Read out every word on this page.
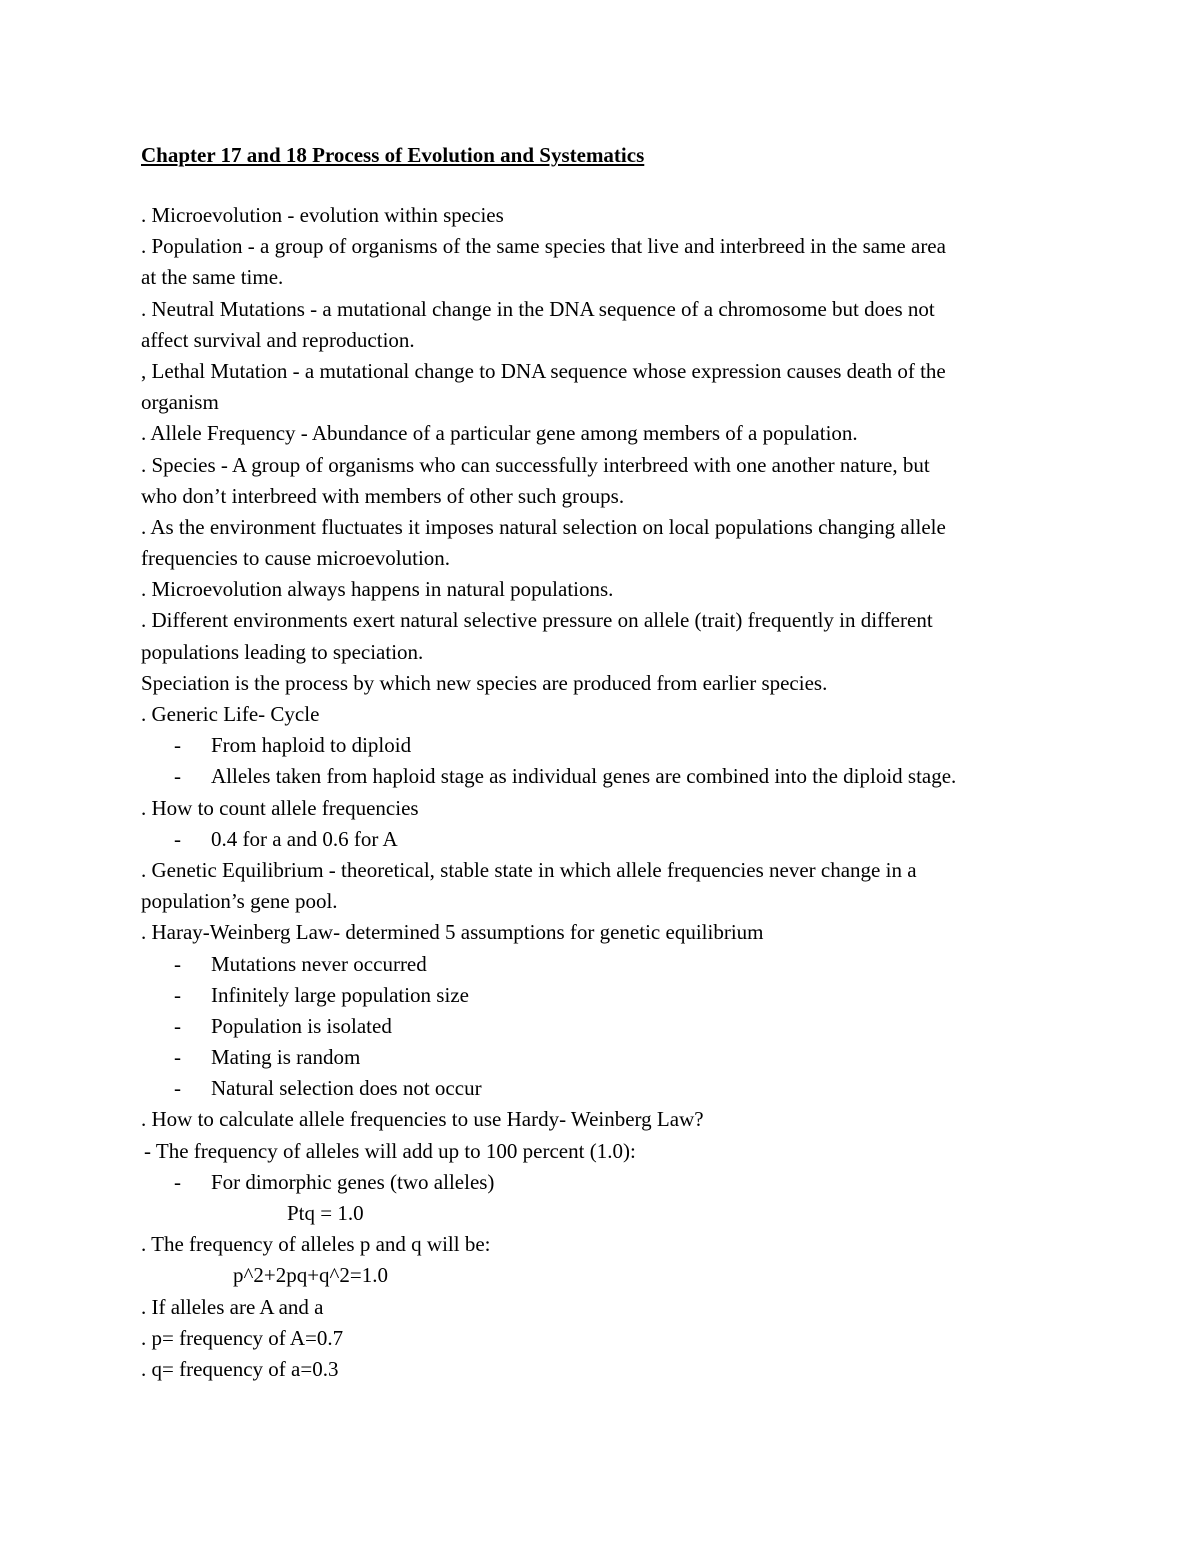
Chapter 17 and 18 Process of Evolution and Systematics
. Microevolution - evolution within species
. Population - a group of organisms of the same species that live and interbreed in the same area
at the same time.
. Neutral Mutations - a mutational change in the DNA sequence of a chromosome but does not
affect survival and reproduction.
, Lethal Mutation - a mutational change to DNA sequence whose expression causes death of the
organism
. Allele Frequency - Abundance of a particular gene among members of a population.
. Species - A group of organisms who can successfully interbreed with one another nature, but
who don’t interbreed with members of other such groups.
. As the environment fluctuates it imposes natural selection on local populations changing allele
frequencies to cause microevolution.
. Microevolution always happens in natural populations.
. Different environments exert natural selective pressure on allele (trait) frequently in different
populations leading to speciation.
Speciation is the process by which new species are produced from earlier species.
. Generic Life- Cycle
- From haploid to diploid
- Alleles taken from haploid stage as individual genes are combined into the diploid stage.
. How to count allele frequencies
- 0.4 for a and 0.6 for A
. Genetic Equilibrium - theoretical, stable state in which allele frequencies never change in a
population’s gene pool.
. Haray-Weinberg Law- determined 5 assumptions for genetic equilibrium
- Mutations never occurred
- Infinitely large population size
- Population is isolated
- Mating is random
- Natural selection does not occur
. How to calculate allele frequencies to use Hardy- Weinberg Law?
- The frequency of alleles will add up to 100 percent (1.0):
- For dimorphic genes (two alleles)
Ptq = 1.0
. The frequency of alleles p and q will be:
p^2+2pq+q^2=1.0
. If alleles are A and a
. p= frequency of A=0.7
. q= frequency of a=0.3
